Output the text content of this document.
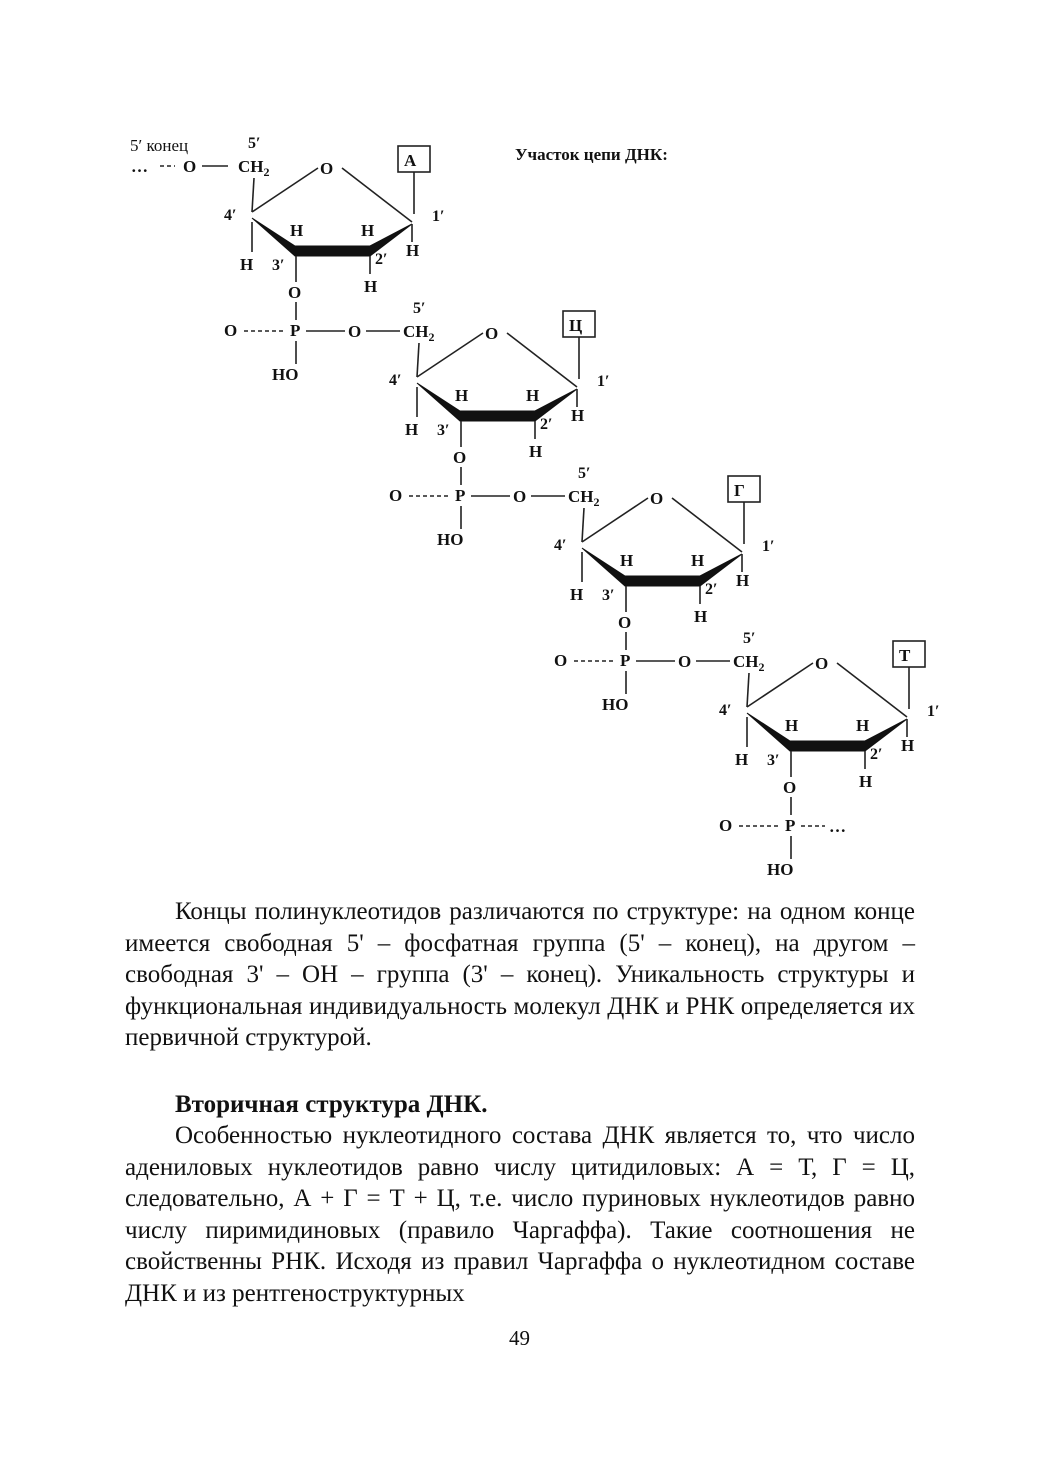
Участок цепи ДНК:
5′ конец
… O $CH_2$
5′
O
4′	1′
3′	2′
H	H
H
H
H
А
O
P
O
HO
O $CH_2$
5′
O
4′	1′
3′	2′
H	H
H
H
H
Ц
O
P
O
HO
O $CH_2$
5′
O
4′	1′
3′	2′
H	H
H
H
H
Г
O
P
O
HO
O $CH_2$
5′
O
4′	1′
3′	2′
H	H
H
H
H
Т
O
P
O
HO
…

Концы полинуклеотидов различаются по структуре: на одном конце имеется свободная 5' – фосфатная группа (5' – конец), на другом – свободная 3' – ОН – группа (3' – конец). Уникальность структуры и функциональная индивидуальность молекул ДНК и РНК определяется их первичной структурой.

Вторичная структура ДНК.

Особенностью нуклеотидного состава ДНК является то, что число адениловых нуклеотидов равно числу цитидиловых: А = Т, Г = Ц, следовательно, А + Г = Т + Ц, т.е. число пуриновых нуклеотидов равно числу пиримидиновых (правило Чаргаффа). Такие соотношения не свойственны РНК. Исходя из правил Чаргаффа о нуклеотидном составе ДНК и из рентгеноструктурных

49
